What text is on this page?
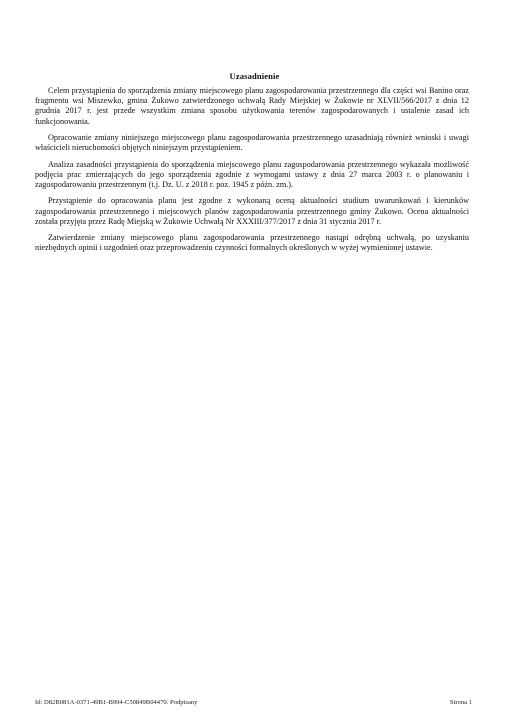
Uzasadnienie

Celem przystąpienia do sporządzenia zmiany miejscowego planu zagospodarowania przestrzennego dla części wsi Banino oraz fragmentu wsi Miszewko, gmina Żukowo zatwierdzonego uchwałą Rady Miejskiej w Żukowie nr XLVII/566/2017 z dnia 12 grudnia 2017 r. jest przede wszystkim zmiana sposobu użytkowania terenów zagospodarowanych i ustalenie zasad ich funkcjonowania.

Opracowanie zmiany niniejszego miejscowego planu zagospodarowania przestrzennego uzasadniają również wnioski i uwagi właścicieli nieruchomości objętych niniejszym przystąpieniem.

Analiza zasadności przystąpienia do sporządzenia miejscowego planu zagospodarowania przestrzennego wykazała możliwość podjęcia prac zmierzających do jego sporządzenia zgodnie z wymogami ustawy z dnia 27 marca 2003 r. o planowaniu i zagospodarowaniu przestrzennym (t.j. Dz. U. z 2018 r. poz. 1945 z późn. zm.).

Przystąpienie do opracowania planu jest zgodne z wykonaną oceną aktualności studium uwarunkowań i kierunków zagospodarowania przestrzennego i miejscowych planów zagospodarowania przestrzennego gminy Żukowo. Ocena aktualności została przyjęta przez Radę Miejską w Żukowie Uchwałą Nr XXXIII/377/2017 z dnia 31 stycznia 2017 r.

Zatwierdzenie zmiany miejscowego planu zagospodarowania przestrzennego nastąpi odrębną uchwałą, po uzyskaniu niezbędnych opinii i uzgodnień oraz przeprowadzeniu czynności formalnych określonych w wyżej wymienionej ustawie.

Id: D82B081A-0371-49B1-B994-C50849B04470. Podpisany	Strona 1
